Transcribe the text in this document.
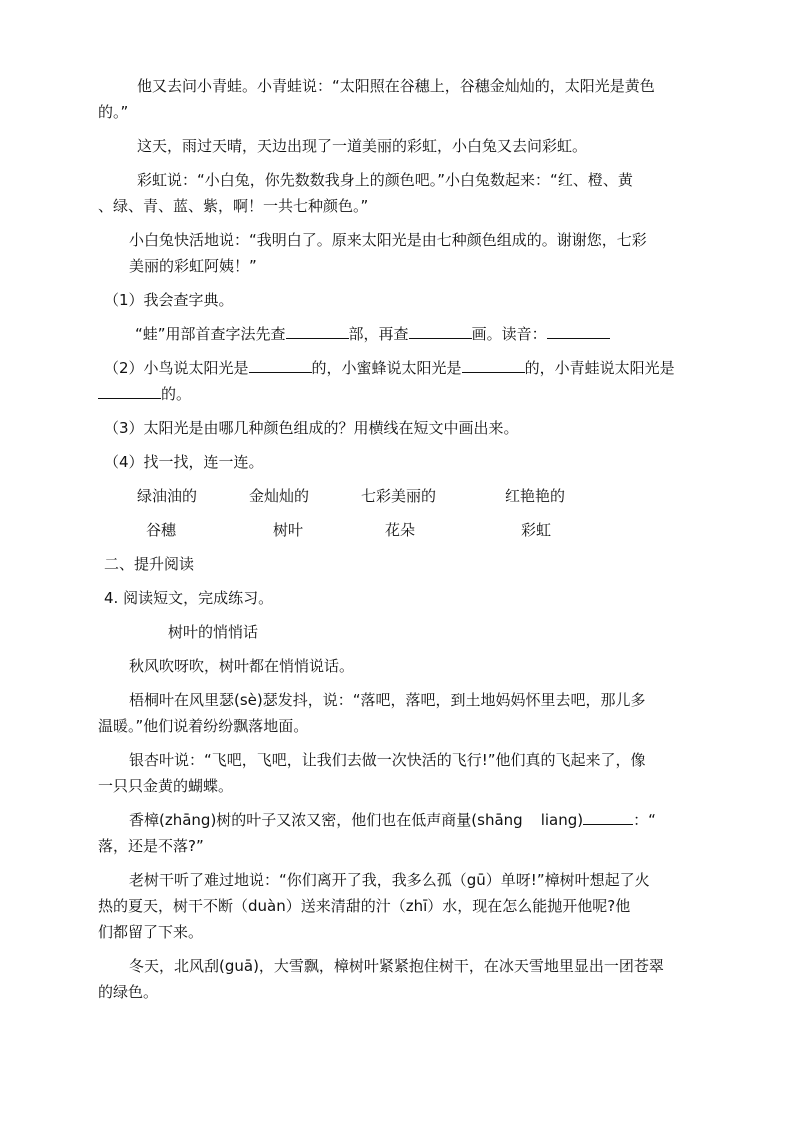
他又去问小青蛙。小青蛙说：“太阳照在谷穗上，谷穗金灿灿的，太阳光是黄色
的。”
这天，雨过天晴，天边出现了一道美丽的彩虹，小白兔又去问彩虹。
彩虹说：“小白兔，你先数数我身上的颜色吧。”小白兔数起来：“红、橙、黄
、绿、青、蓝、紫，啊！一共七种颜色。”
小白兔快活地说：“我明白了。原来太阳光是由七种颜色组成的。谢谢您，七彩
美丽的彩虹阿姨！”
（1）我会查字典。
“蛙”用部首查字法先查	部，再查	画。读音：
（2）小鸟说太阳光是	的，小蜜蜂说太阳光是	的，小青蛙说太阳光是
的。
（3）太阳光是由哪几种颜色组成的？用横线在短文中画出来。
（4）找一找，连一连。
绿油油的	金灿灿的	七彩美丽的	红艳艳的
谷穗	树叶	花朵	彩虹
二、提升阅读
4. 阅读短文，完成练习。
树叶的悄悄话
秋风吹呀吹，树叶都在悄悄说话。
梧桐叶在风里瑟(sè)瑟发抖，说：“落吧，落吧，到土地妈妈怀里去吧，那儿多
温暖。”他们说着纷纷飘落地面。
银杏叶说：“飞吧，飞吧，让我们去做一次快活的飞行!”他们真的飞起来了，像
一只只金黄的蝴蝶。
香樟(zhāng)树的叶子又浓又密，他们也在低声商量(shāng liang)	：“
落，还是不落?”
老树干听了难过地说：“你们离开了我，我多么孤（gū）单呀!”樟树叶想起了火
热的夏天，树干不断（duàn）送来清甜的汁（zhī）水，现在怎么能抛开他呢?他
们都留了下来。
冬天，北风刮(guā)，大雪飘，樟树叶紧紧抱住树干，在冰天雪地里显出一团苍翠
的绿色。
